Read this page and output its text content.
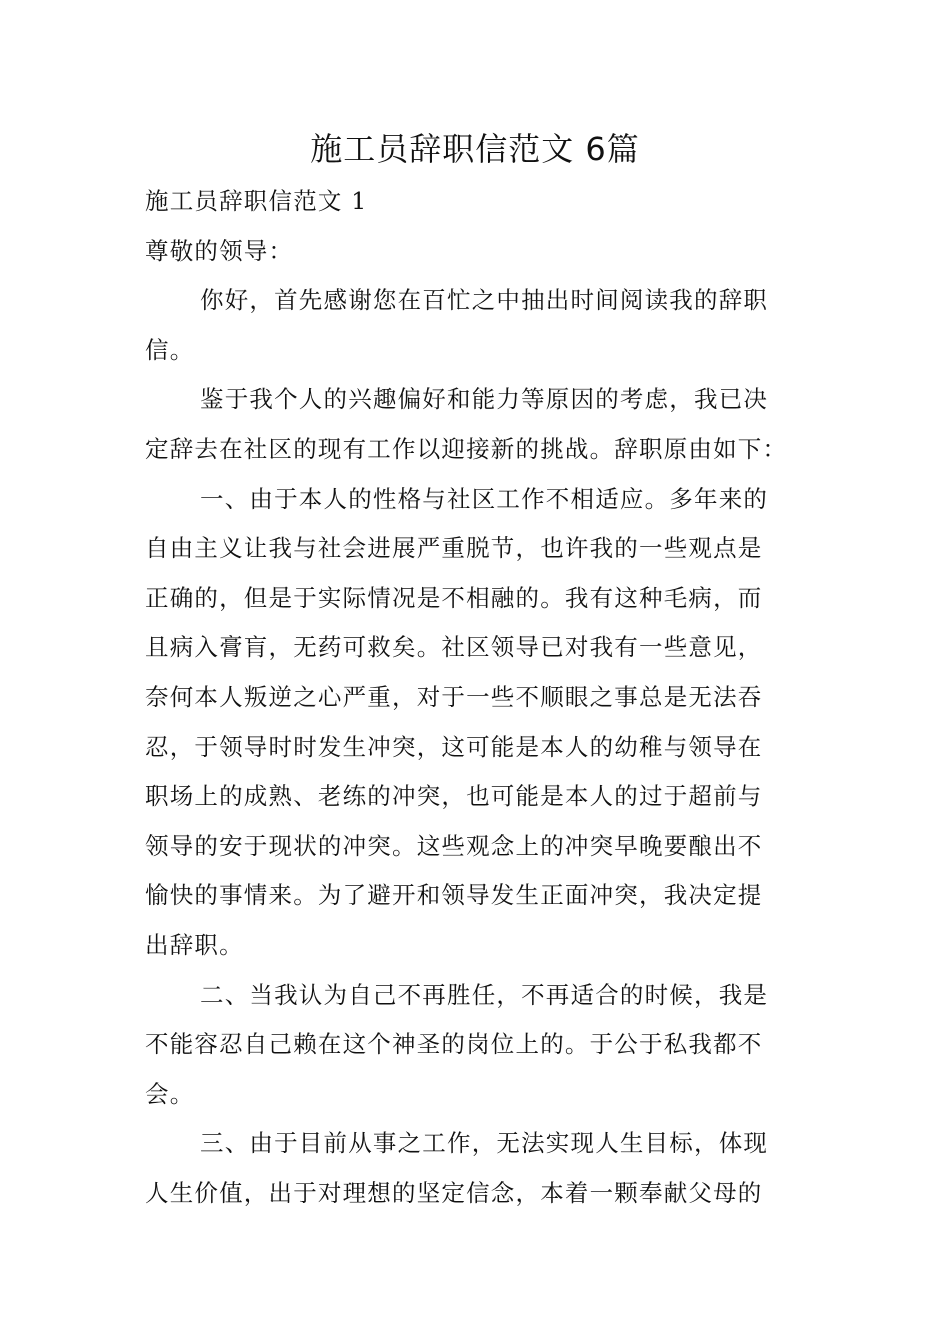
施工员辞职信范文 6篇

施工员辞职信范文 1

尊敬的领导：

你好，首先感谢您在百忙之中抽出时间阅读我的辞职

信。

鉴于我个人的兴趣偏好和能力等原因的考虑，我已决

定辞去在社区的现有工作以迎接新的挑战。辞职原由如下：

一、由于本人的性格与社区工作不相适应。多年来的

自由主义让我与社会进展严重脱节，也许我的一些观点是

正确的，但是于实际情况是不相融的。我有这种毛病，而

且病入膏肓，无药可救矣。社区领导已对我有一些意见，

奈何本人叛逆之心严重，对于一些不顺眼之事总是无法吞

忍，于领导时时发生冲突，这可能是本人的幼稚与领导在

职场上的成熟、老练的冲突，也可能是本人的过于超前与

领导的安于现状的冲突。这些观念上的冲突早晚要酿出不

愉快的事情来。为了避开和领导发生正面冲突，我决定提

出辞职。

二、当我认为自己不再胜任，不再适合的时候，我是

不能容忍自己赖在这个神圣的岗位上的。于公于私我都不

会。

三、由于目前从事之工作，无法实现人生目标，体现

人生价值，出于对理想的坚定信念，本着一颗奉献父母的
